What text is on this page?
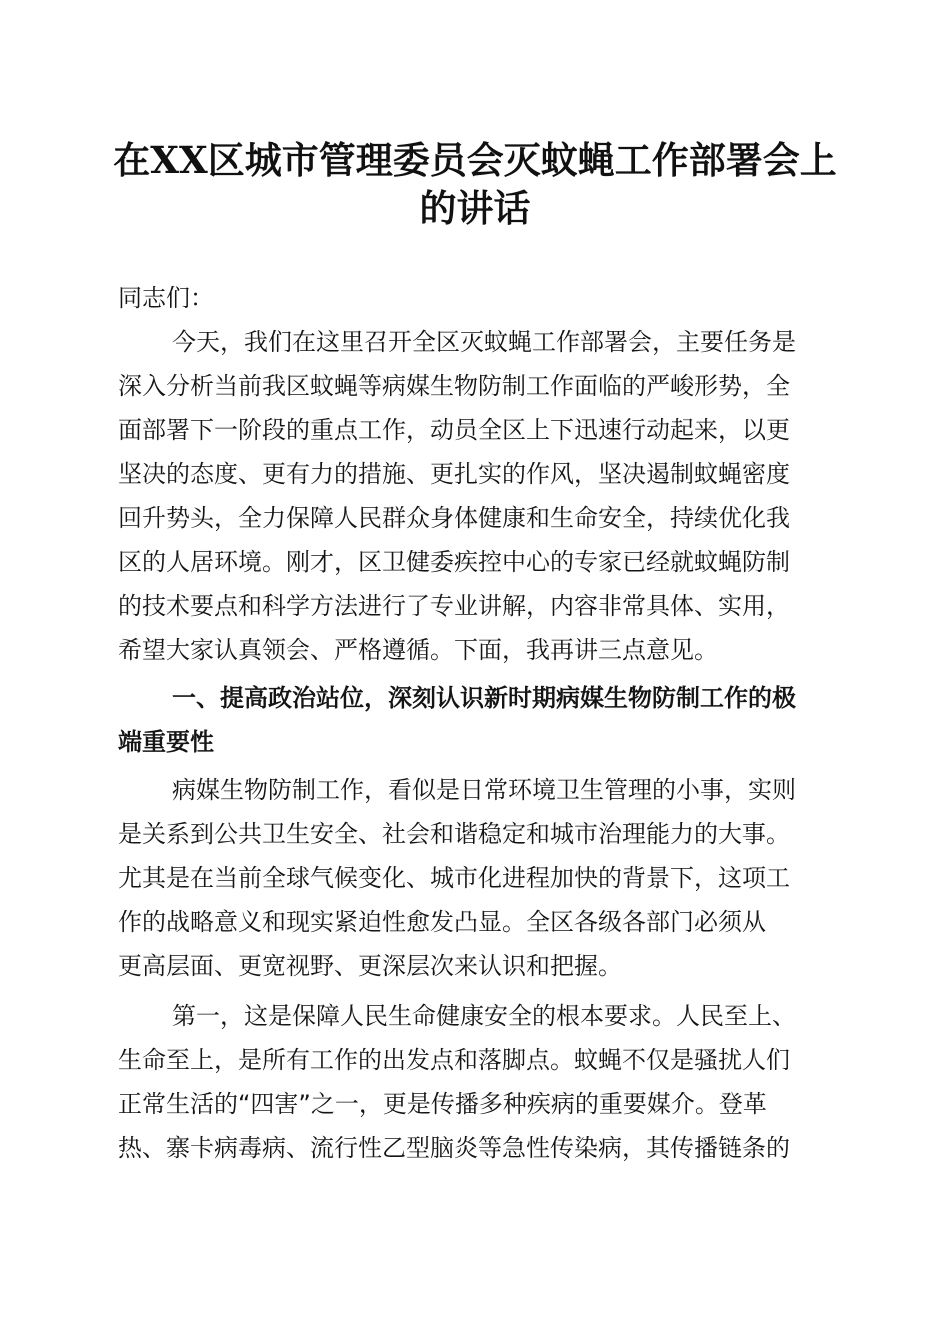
在XX区城市管理委员会灭蚊蝇工作部署会上
的讲话

同志们：

今天，我们在这里召开全区灭蚊蝇工作部署会，主要任务是

深入分析当前我区蚊蝇等病媒生物防制工作面临的严峻形势，全

面部署下一阶段的重点工作，动员全区上下迅速行动起来，以更

坚决的态度、更有力的措施、更扎实的作风，坚决遏制蚊蝇密度

回升势头，全力保障人民群众身体健康和生命安全，持续优化我

区的人居环境。刚才，区卫健委疾控中心的专家已经就蚊蝇防制

的技术要点和科学方法进行了专业讲解，内容非常具体、实用，

希望大家认真领会、严格遵循。下面，我再讲三点意见。

一、提高政治站位，深刻认识新时期病媒生物防制工作的极

端重要性

病媒生物防制工作，看似是日常环境卫生管理的小事，实则

是关系到公共卫生安全、社会和谐稳定和城市治理能力的大事。

尤其是在当前全球气候变化、城市化进程加快的背景下，这项工

作的战略意义和现实紧迫性愈发凸显。全区各级各部门必须从

更高层面、更宽视野、更深层次来认识和把握。

第一，这是保障人民生命健康安全的根本要求。人民至上、

生命至上，是所有工作的出发点和落脚点。蚊蝇不仅是骚扰人们

正常生活的“四害”之一，更是传播多种疾病的重要媒介。登革

热、寨卡病毒病、流行性乙型脑炎等急性传染病，其传播链条的
